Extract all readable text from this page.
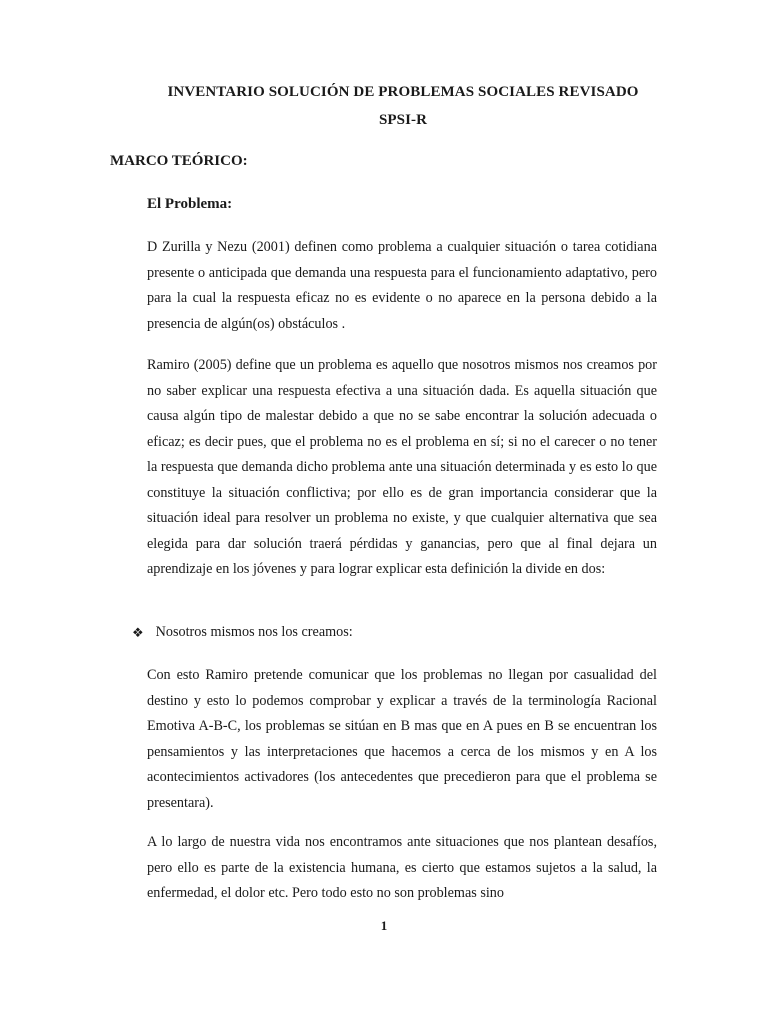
INVENTARIO SOLUCIÓN DE PROBLEMAS SOCIALES REVISADO
SPSI-R
MARCO TEÓRICO:
El Problema:

D Zurilla y Nezu (2001) definen como problema a cualquier situación o tarea cotidiana presente o anticipada que demanda una respuesta para el funcionamiento adaptativo, pero para la cual la respuesta eficaz no es evidente o no aparece en la persona debido a la presencia de algún(os) obstáculos .

Ramiro (2005) define que un problema es aquello que nosotros mismos nos creamos por no saber explicar una respuesta efectiva a una situación dada. Es aquella situación que causa algún tipo de malestar debido a que no se sabe encontrar la solución adecuada o eficaz; es decir pues, que el problema no es el problema en sí; si no el carecer o no tener la respuesta que demanda dicho problema ante una situación determinada y es esto lo que constituye la situación conflictiva; por ello es de gran importancia considerar que la situación ideal para resolver un problema no existe, y que cualquier alternativa que sea elegida para dar solución traerá pérdidas y ganancias, pero que al final dejara un aprendizaje en los jóvenes y para lograr explicar esta definición la divide en dos:

❖ Nosotros mismos nos los creamos:

Con esto Ramiro pretende comunicar que los problemas no llegan por casualidad del destino y esto lo podemos comprobar y explicar a través de la terminología Racional Emotiva A-B-C, los problemas se sitúan en B mas que en A pues en B se encuentran los pensamientos y las interpretaciones que hacemos a cerca de los mismos y en A los acontecimientos activadores (los antecedentes que precedieron para que el problema se presentara).

A lo largo de nuestra vida nos encontramos ante situaciones que nos plantean desafíos, pero ello es parte de la existencia humana, es cierto que estamos sujetos a la salud, la enfermedad, el dolor etc. Pero todo esto no son problemas sino

1
